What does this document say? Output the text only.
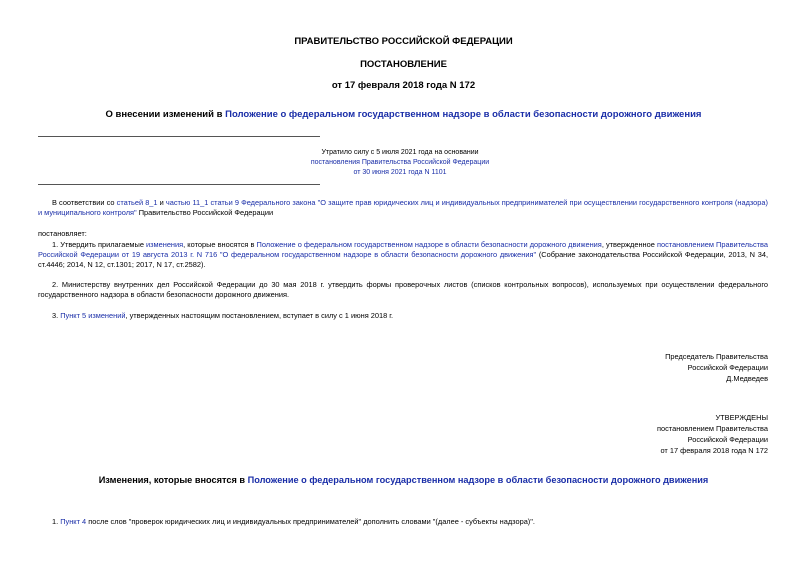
ПРАВИТЕЛЬСТВО РОССИЙСКОЙ ФЕДЕРАЦИИ
ПОСТАНОВЛЕНИЕ
от 17 февраля 2018 года N 172
О внесении изменений в Положение о федеральном государственном надзоре в области безопасности дорожного движения
Утратило силу с 5 июля 2021 года на основании
постановления Правительства Российской Федерации
от 30 июня 2021 года N 1101
В соответствии со статьей 8_1 и частью 11_1 статьи 9 Федерального закона "О защите прав юридических лиц и индивидуальных предпринимателей при осуществлении государственного контроля (надзора) и муниципального контроля" Правительство Российской Федерации
постановляет:
1. Утвердить прилагаемые изменения, которые вносятся в Положение о федеральном государственном надзоре в области безопасности дорожного движения, утвержденное постановлением Правительства Российской Федерации от 19 августа 2013 г. N 716 "О федеральном государственном надзоре в области безопасности дорожного движения" (Собрание законодательства Российской Федерации, 2013, N 34, ст.4446; 2014, N 12, ст.1301; 2017, N 17, ст.2582).
2. Министерству внутренних дел Российской Федерации до 30 мая 2018 г. утвердить формы проверочных листов (списков контрольных вопросов), используемых при осуществлении федерального государственного надзора в области безопасности дорожного движения.
3. Пункт 5 изменений, утвержденных настоящим постановлением, вступает в силу с 1 июня 2018 г.
Председатель Правительства
Российской Федерации
Д.Медведев
УТВЕРЖДЕНЫ
постановлением Правительства
Российской Федерации
от 17 февраля 2018 года N 172
Изменения, которые вносятся в Положение о федеральном государственном надзоре в области безопасности дорожного движения
1. Пункт 4 после слов "проверок юридических лиц и индивидуальных предпринимателей" дополнить словами "(далее - субъекты надзора)".
